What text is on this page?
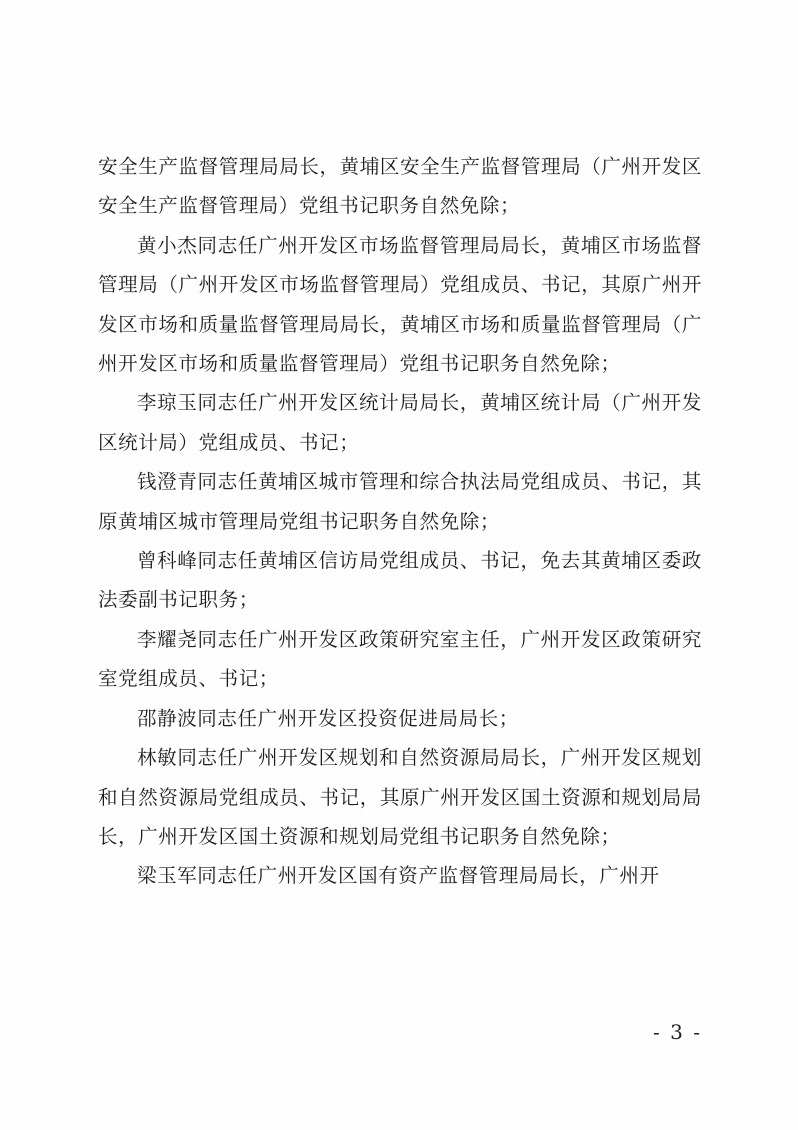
安全生产监督管理局局长，黄埔区安全生产监督管理局（广州开发区安全生产监督管理局）党组书记职务自然免除；

黄小杰同志任广州开发区市场监督管理局局长，黄埔区市场监督管理局（广州开发区市场监督管理局）党组成员、书记，其原广州开发区市场和质量监督管理局局长，黄埔区市场和质量监督管理局（广州开发区市场和质量监督管理局）党组书记职务自然免除；

李琼玉同志任广州开发区统计局局长，黄埔区统计局（广州开发区统计局）党组成员、书记；

钱澄青同志任黄埔区城市管理和综合执法局党组成员、书记，其原黄埔区城市管理局党组书记职务自然免除；

曾科峰同志任黄埔区信访局党组成员、书记，免去其黄埔区委政法委副书记职务；

李耀尧同志任广州开发区政策研究室主任，广州开发区政策研究室党组成员、书记；

邵静波同志任广州开发区投资促进局局长；

林敏同志任广州开发区规划和自然资源局局长，广州开发区规划和自然资源局党组成员、书记，其原广州开发区国土资源和规划局局长，广州开发区国土资源和规划局党组书记职务自然免除；

梁玉军同志任广州开发区国有资产监督管理局局长，广州开

- 3 -
